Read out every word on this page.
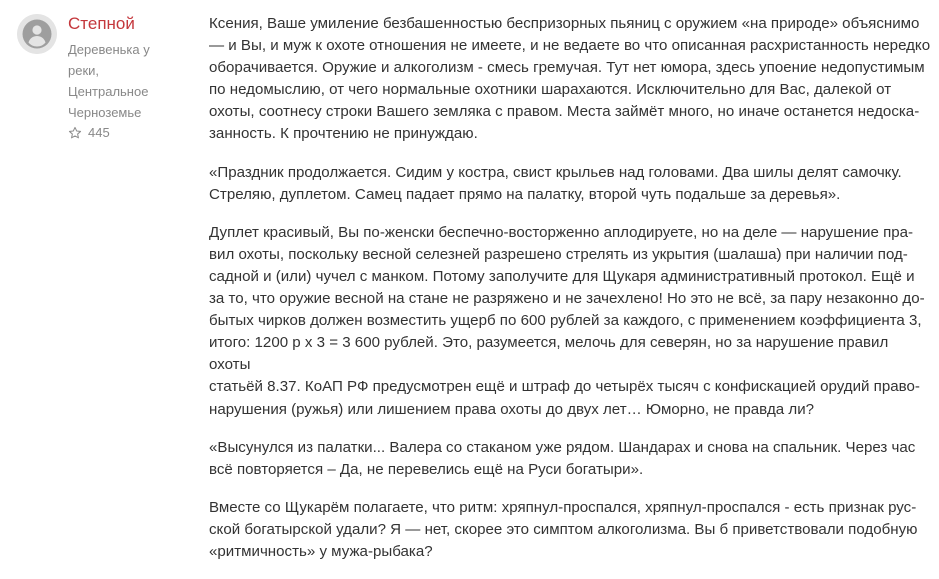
Степной
Деревенька у
реки,
Центральное
Черноземье
445

Ксения, Ваше умиление безбашенностью беспризорных пьяниц с оружием «на природе» объяснимо
— и Вы, и муж к охоте отношения не имеете, и не ведаете во что описанная расхристанность нередко
оборачивается. Оружие и алкоголизм - смесь гремучая. Тут нет юмора, здесь упоение недопустимым
по недомыслию, от чего нормальные охотники шарахаются. Исключительно для Вас, далекой от
охоты, соотнесу строки Вашего земляка с правом. Места займёт много, но иначе останется недоска-
занность. К прочтению не принуждаю.

«Праздник продолжается. Сидим у костра, свист крыльев над головами. Два шилы делят самочку.
Стреляю, дуплетом. Самец падает прямо на палатку, второй чуть подальше за деревья».

Дуплет красивый, Вы по-женски беспечно-восторженно аплодируете, но на деле — нарушение пра-
вил охоты, поскольку весной селезней разрешено стрелять из укрытия (шалаша) при наличии под-
садной и (или) чучел с манком. Потому заполучите для Щукаря административный протокол. Ещё и
за то, что оружие весной на стане не разряжено и не зачехлено! Но это не всё, за пару незаконно до-
бытых чирков должен возместить ущерб по 600 рублей за каждого, с применением коэффициента 3,
итого: 1200 р х 3 = 3 600 рублей. Это, разумеется, мелочь для северян, но за нарушение правил охоты
статьёй 8.37. КоАП РФ предусмотрен ещё и штраф до четырёх тысяч с конфискацией орудий право-
нарушения (ружья) или лишением права охоты до двух лет… Юморно, не правда ли?

«Высунулся из палатки... Валера со стаканом уже рядом. Шандарах и снова на спальник. Через час
всё повторяется – Да, не перевелись ещё на Руси богатыри».

Вместе со Щукарём полагаете, что ритм: хряпнул-проспался, хряпнул-проспался - есть признак рус-
ской богатырской удали? Я — нет, скорее это симптом алкоголизма. Вы б приветствовали подобную
«ритмичность» у мужа-рыбака?
